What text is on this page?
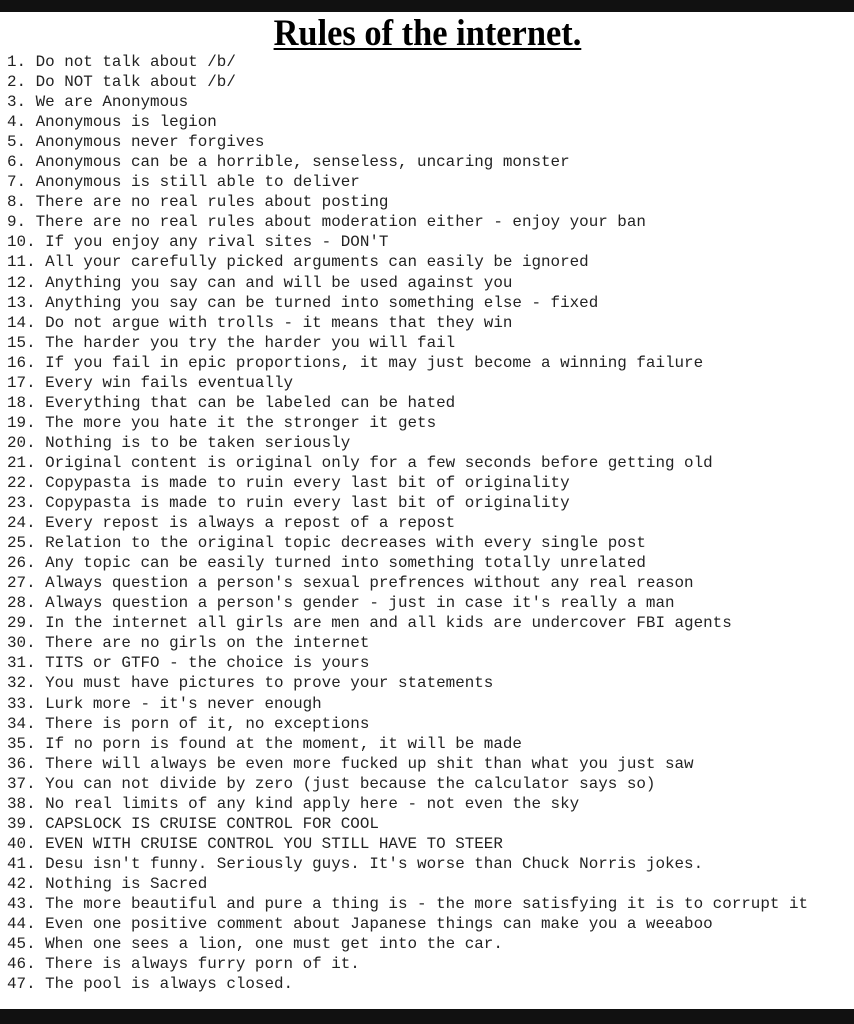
Rules of the internet.
1. Do not talk about /b/
2. Do NOT talk about /b/
3. We are Anonymous
4. Anonymous is legion
5. Anonymous never forgives
6. Anonymous can be a horrible, senseless, uncaring monster
7. Anonymous is still able to deliver
8. There are no real rules about posting
9. There are no real rules about moderation either - enjoy your ban
10. If you enjoy any rival sites - DON'T
11. All your carefully picked arguments can easily be ignored
12. Anything you say can and will be used against you
13. Anything you say can be turned into something else - fixed
14. Do not argue with trolls - it means that they win
15. The harder you try the harder you will fail
16. If you fail in epic proportions, it may just become a winning failure
17. Every win fails eventually
18. Everything that can be labeled can be hated
19. The more you hate it the stronger it gets
20. Nothing is to be taken seriously
21. Original content is original only for a few seconds before getting old
22. Copypasta is made to ruin every last bit of originality
23. Copypasta is made to ruin every last bit of originality
24. Every repost is always a repost of a repost
25. Relation to the original topic decreases with every single post
26. Any topic can be easily turned into something totally unrelated
27. Always question a person's sexual prefrences without any real reason
28. Always question a person's gender - just in case it's really a man
29. In the internet all girls are men and all kids are undercover FBI agents
30. There are no girls on the internet
31. TITS or GTFO - the choice is yours
32. You must have pictures to prove your statements
33. Lurk more - it's never enough
34. There is porn of it, no exceptions
35. If no porn is found at the moment, it will be made
36. There will always be even more fucked up shit than what you just saw
37. You can not divide by zero (just because the calculator says so)
38. No real limits of any kind apply here - not even the sky
39. CAPSLOCK IS CRUISE CONTROL FOR COOL
40. EVEN WITH CRUISE CONTROL YOU STILL HAVE TO STEER
41. Desu isn't funny. Seriously guys. It's worse than Chuck Norris jokes.
42. Nothing is Sacred
43. The more beautiful and pure a thing is - the more satisfying it is to corrupt it
44. Even one positive comment about Japanese things can make you a weeaboo
45. When one sees a lion, one must get into the car.
46. There is always furry porn of it.
47. The pool is always closed.
